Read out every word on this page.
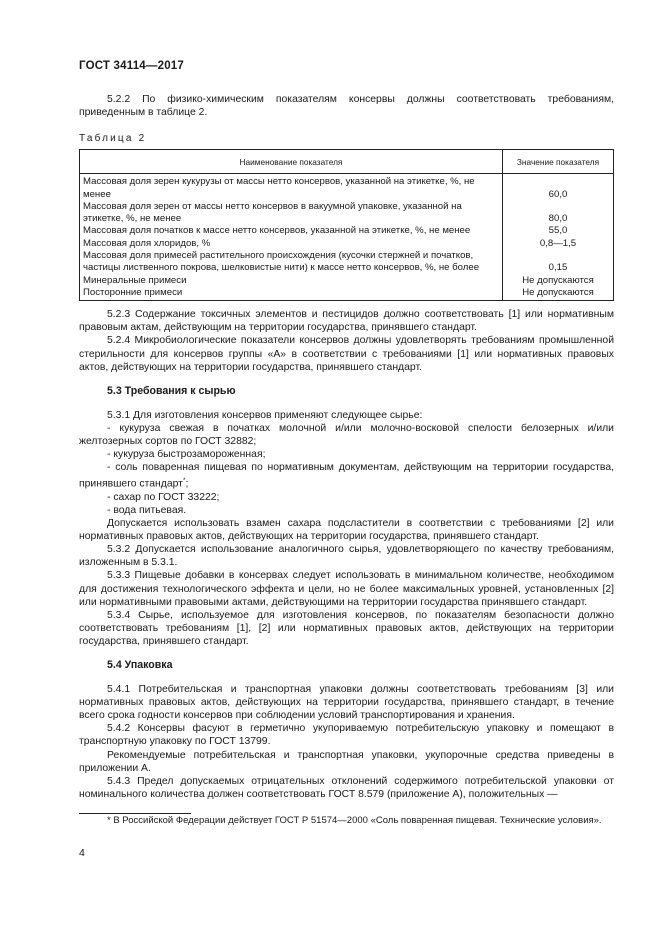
ГОСТ 34114—2017

5.2.2 По физико-химическим показателям консервы должны соответствовать требованиям, приведенным в таблице 2.

Таблица 2
Наименование показателя	Значение показателя
Массовая доля зерен кукурузы от массы нетто консервов, указанной на этикетке, %, не менее	60,0
Массовая доля зерен от массы нетто консервов в вакуумной упаковке, указанной на этикетке, %, не менее	80,0
Массовая доля початков к массе нетто консервов, указанной на этикетке, %, не менее	55,0
Массовая доля хлоридов, %	0,8—1,5
Массовая доля примесей растительного происхождения (кусочки стержней и початков, частицы лиственного покрова, шелковистые нити) к массе нетто консервов, %, не более	0,15
Минеральные примеси	Не допускаются
Посторонние примеси	Не допускаются

5.2.3 Содержание токсичных элементов и пестицидов должно соответствовать [1] или нормативным правовым актам, действующим на территории государства, принявшего стандарт.

5.2.4 Микробиологические показатели консервов должны удовлетворять требованиям промышленной стерильности для консервов группы «А» в соответствии с требованиями [1] или нормативных правовых актов, действующих на территории государства, принявшего стандарт.

5.3 Требования к сырью

5.3.1 Для изготовления консервов применяют следующее сырье:

- кукуруза свежая в початках молочной и/или молочно-восковой спелости белозерных и/или желтозерных сортов по ГОСТ 32882;

- кукуруза быстрозамороженная;

- соль поваренная пищевая по нормативным документам, действующим на территории государства, принявшего стандарт*;

- сахар по ГОСТ 33222;

- вода питьевая.

Допускается использовать взамен сахара подсластители в соответствии с требованиями [2] или нормативных правовых актов, действующих на территории государства, принявшего стандарт.

5.3.2 Допускается использование аналогичного сырья, удовлетворяющего по качеству требованиям, изложенным в 5.3.1.

5.3.3 Пищевые добавки в консервах следует использовать в минимальном количестве, необходимом для достижения технологического эффекта и цели, но не более максимальных уровней, установленных [2] или нормативными правовыми актами, действующими на территории государства принявшего стандарт.

5.3.4 Сырье, используемое для изготовления консервов, по показателям безопасности должно соответствовать требованиям [1], [2] или нормативных правовых актов, действующих на территории государства, принявшего стандарт.

5.4 Упаковка

5.4.1 Потребительская и транспортная упаковки должны соответствовать требованиям [3] или нормативных правовых актов, действующих на территории государства, принявшего стандарт, в течение всего срока годности консервов при соблюдении условий транспортирования и хранения.

5.4.2 Консервы фасуют в герметично укупориваемую потребительскую упаковку и помещают в транспортную упаковку по ГОСТ 13799.

Рекомендуемые потребительская и транспортная упаковки, укупорочные средства приведены в приложении А.

5.4.3 Предел допускаемых отрицательных отклонений содержимого потребительской упаковки от номинального количества должен соответствовать ГОСТ 8.579 (приложение А), положительных —

* В Российской Федерации действует ГОСТ Р 51574—2000 «Соль поваренная пищевая. Технические условия».
4
